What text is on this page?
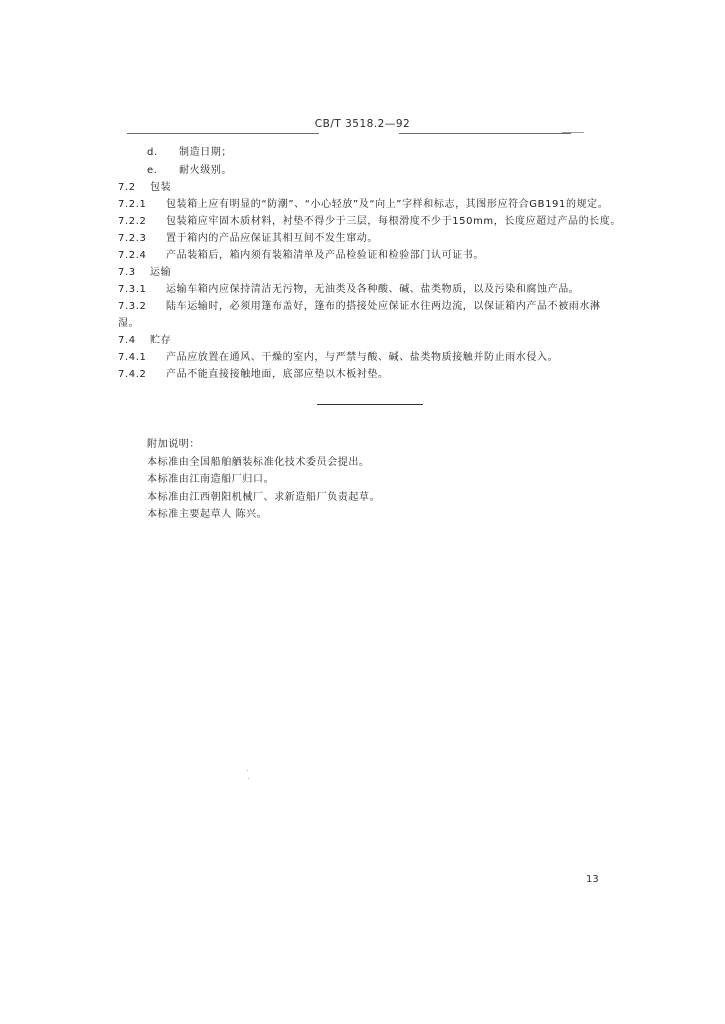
CB/T 3518.2—92
d. 制造日期；
e. 耐火级别。
7.2 包装
7.2.1 包装箱上应有明显的“防潮”、“小心轻放”及“向上”字样和标志，其图形应符合GB191的规定。
7.2.2 包装箱应牢固木质材料，衬垫不得少于三层，每根滑度不少于150mm，长度应超过产品的长度。
7.2.3 置于箱内的产品应保证其相互间不发生窜动。
7.2.4 产品装箱后，箱内须有装箱清单及产品检验证和检验部门认可证书。
7.3 运输
7.3.1 运输车箱内应保持清洁无污物，无油类及各种酸、碱、盐类物质，以及污染和腐蚀产品。
7.3.2 陆车运输时，必须用篷布盖好，篷布的搭接处应保证水往两边流，以保证箱内产品不被雨水淋
湿。
7.4 贮存
7.4.1 产品应放置在通风、干燥的室内，与严禁与酸、碱、盐类物质接触并防止雨水侵入。
7.4.2 产品不能直接接触地面，底部应垫以木板衬垫。
附加说明：
本标准由全国船舶舾装标准化技术委员会提出。
本标准由江南造船厂归口。
本标准由江西朝阳机械厂、求新造船厂负责起草。
本标准主要起草人 陈兴。
13
